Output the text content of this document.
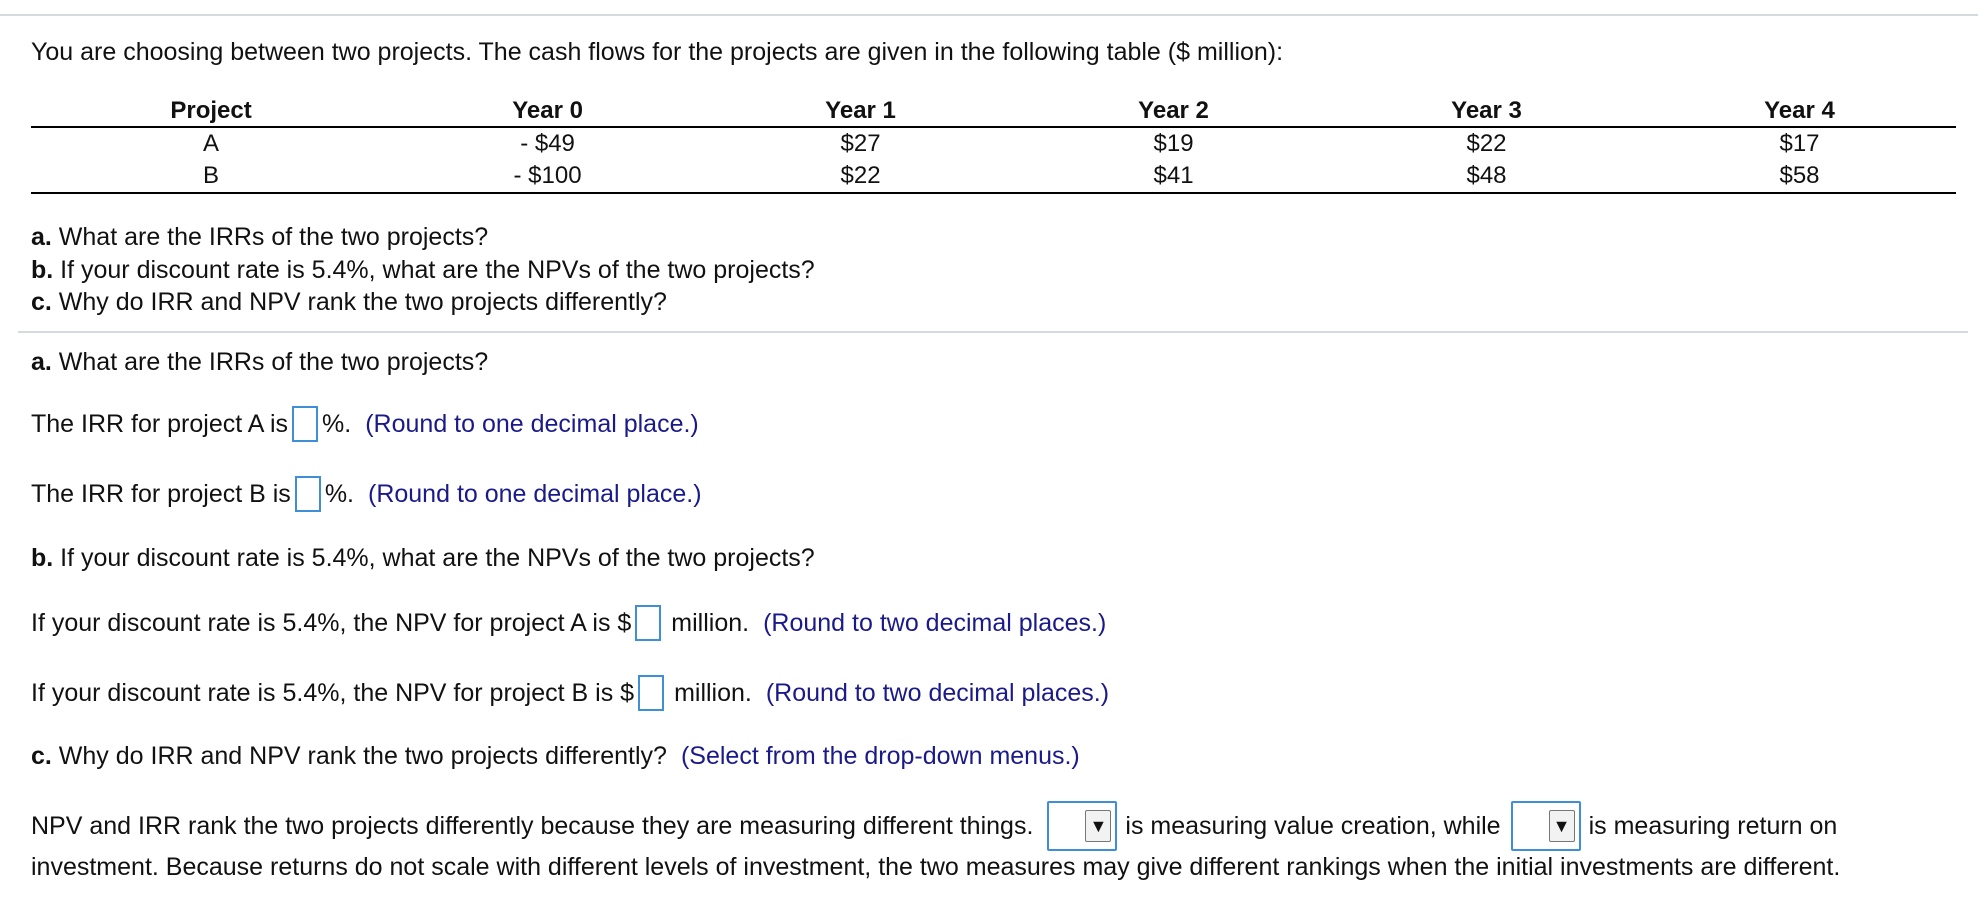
You are choosing between two projects. The cash flows for the projects are given in the following table ($ million):
Project	Year 0	Year 1	Year 2	Year 3	Year 4
A	- $49	$27	$19	$22	$17
B	- $100	$22	$41	$48	$58
a. What are the IRRs of the two projects?
b. If your discount rate is 5.4%, what are the NPVs of the two projects?
c. Why do IRR and NPV rank the two projects differently?
a. What are the IRRs of the two projects?
The IRR for project A is %. (Round to one decimal place.)
The IRR for project B is %. (Round to one decimal place.)
b. If your discount rate is 5.4%, what are the NPVs of the two projects?
If your discount rate is 5.4%, the NPV for project A is $ million. (Round to two decimal places.)
If your discount rate is 5.4%, the NPV for project B is $ million. (Round to two decimal places.)
c. Why do IRR and NPV rank the two projects differently? (Select from the drop-down menus.)
NPV and IRR rank the two projects differently because they are measuring different things.	▼ is measuring value creation, while	▼ is measuring return on
investment. Because returns do not scale with different levels of investment, the two measures may give different rankings when the initial investments are different.
